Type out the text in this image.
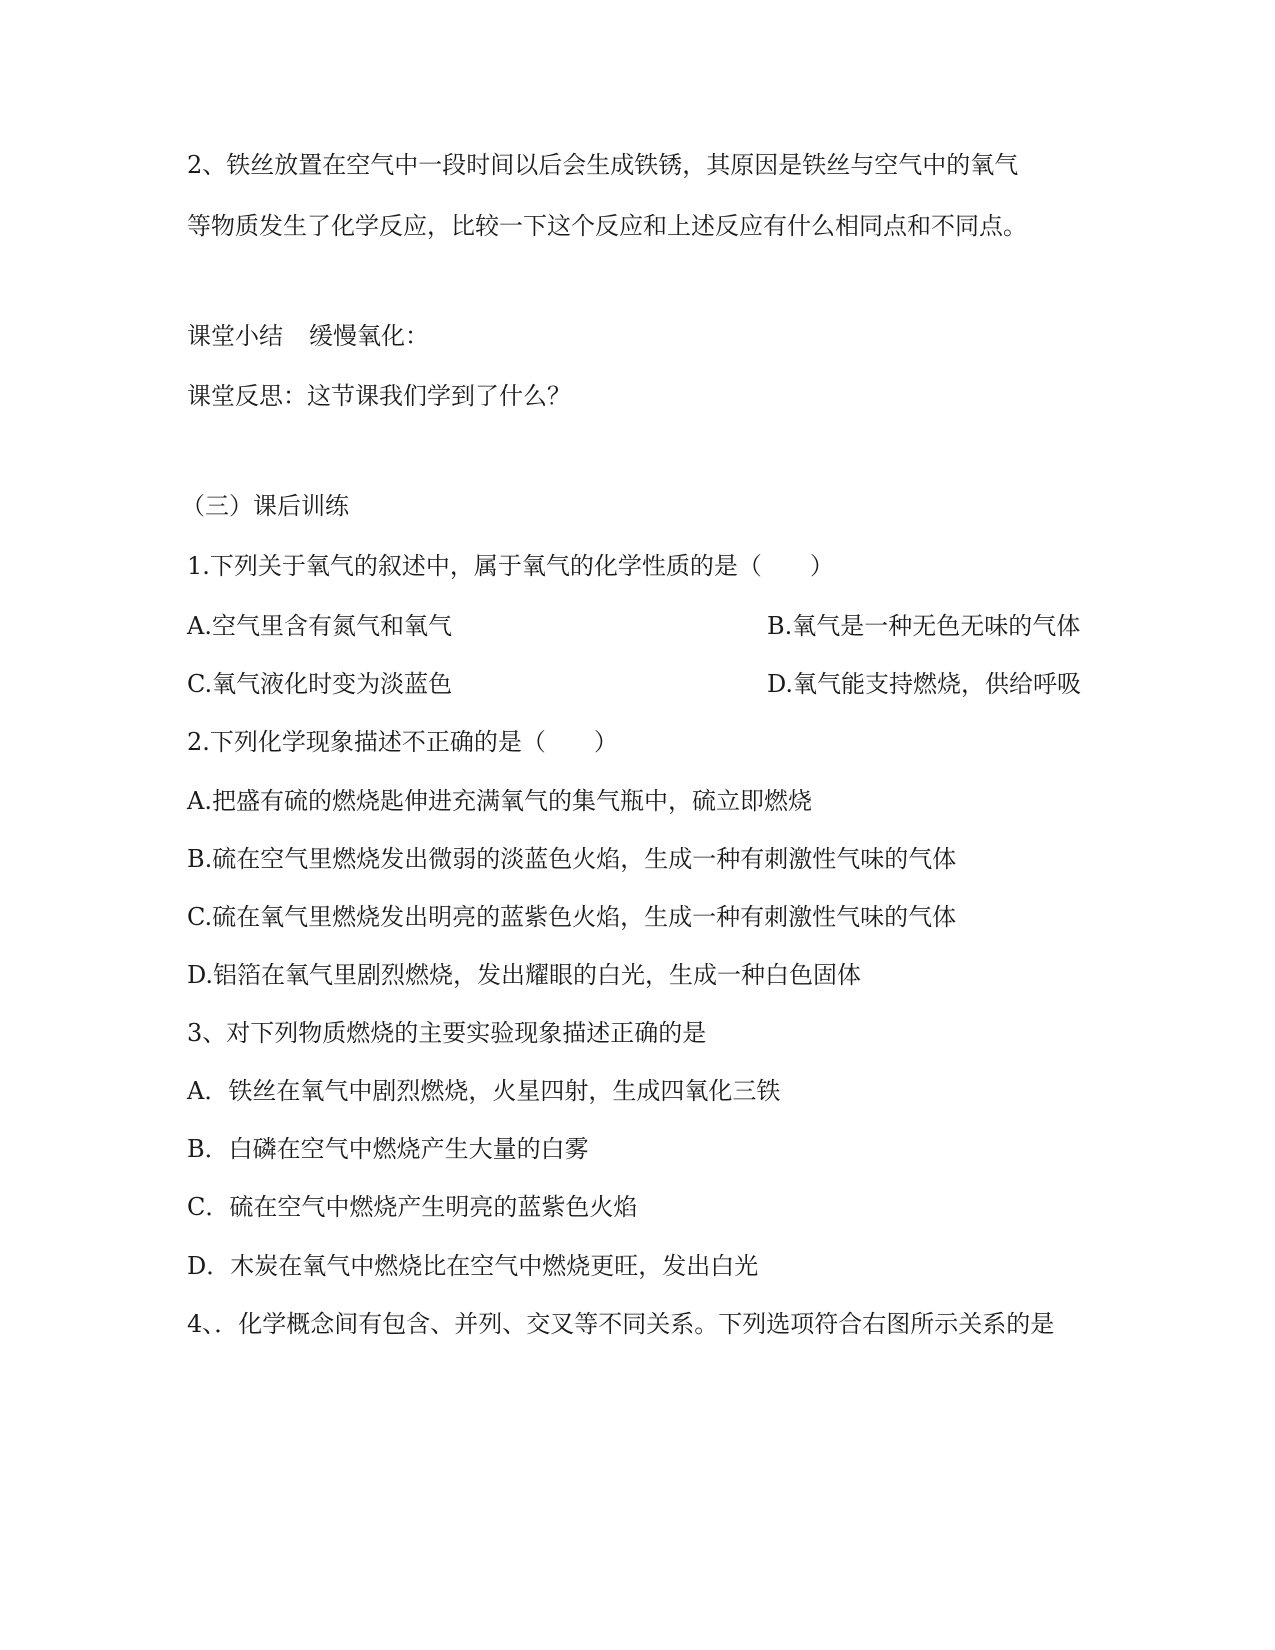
2、铁丝放置在空气中一段时间以后会生成铁锈，其原因是铁丝与空气中的氧气
等物质发生了化学反应，比较一下这个反应和上述反应有什么相同点和不同点。
课堂小结 缓慢氧化：
课堂反思：这节课我们学到了什么？
（三）课后训练
1.下列关于氧气的叙述中，属于氧气的化学性质的是（　　）
A.空气里含有氮气和氧气	B.氧气是一种无色无味的气体
C.氧气液化时变为淡蓝色	D.氧气能支持燃烧，供给呼吸
2.下列化学现象描述不正确的是（　　）
A.把盛有硫的燃烧匙伸进充满氧气的集气瓶中，硫立即燃烧
B.硫在空气里燃烧发出微弱的淡蓝色火焰，生成一种有刺激性气味的气体
C.硫在氧气里燃烧发出明亮的蓝紫色火焰，生成一种有刺激性气味的气体
D.铝箔在氧气里剧烈燃烧，发出耀眼的白光，生成一种白色固体
3、对下列物质燃烧的主要实验现象描述正确的是
A．铁丝在氧气中剧烈燃烧，火星四射，生成四氧化三铁
B．白磷在空气中燃烧产生大量的白雾
C．硫在空气中燃烧产生明亮的蓝紫色火焰
D．木炭在氧气中燃烧比在空气中燃烧更旺，发出白光
4、．化学概念间有包含、并列、交叉等不同关系。下列选项符合右图所示关系的是
